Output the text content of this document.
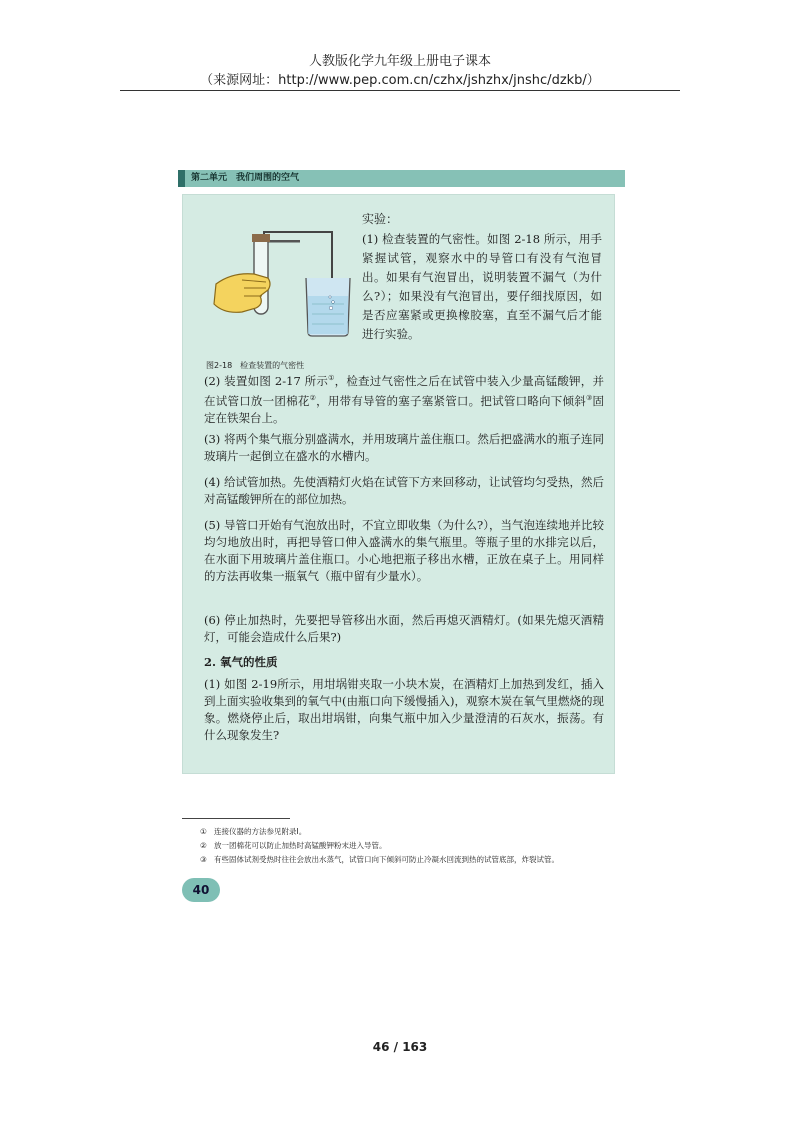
人教版化学九年级上册电子课本
（来源网址：http://www.pep.com.cn/czhx/jshzhx/jnshc/dzkb/）
第二单元　我们周围的空气
图2-18　检查装置的气密性
实验：

(1) 检查装置的气密性。如图 2-18 所示，用手紧握试管，观察水中的导管口有没有气泡冒出。如果有气泡冒出，说明装置不漏气（为什么?）；如果没有气泡冒出，要仔细找原因，如是否应塞紧或更换橡胶塞，直至不漏气后才能进行实验。

(2) 装置如图 2-17 所示①，检查过气密性之后在试管中装入少量高锰酸钾，并在试管口放一团棉花②，用带有导管的塞子塞紧管口。把试管口略向下倾斜③固定在铁架台上。

(3) 将两个集气瓶分别盛满水，并用玻璃片盖住瓶口。然后把盛满水的瓶子连同玻璃片一起倒立在盛水的水槽内。

(4) 给试管加热。先使酒精灯火焰在试管下方来回移动，让试管均匀受热，然后对高锰酸钾所在的部位加热。

(5) 导管口开始有气泡放出时，不宜立即收集（为什么?），当气泡连续地并比较均匀地放出时，再把导管口伸入盛满水的集气瓶里。等瓶子里的水排完以后，在水面下用玻璃片盖住瓶口。小心地把瓶子移出水槽，正放在桌子上。用同样的方法再收集一瓶氧气（瓶中留有少量水）。

(6) 停止加热时，先要把导管移出水面，然后再熄灭酒精灯。(如果先熄灭酒精灯，可能会造成什么后果?)

2. 氧气的性质

(1) 如图 2-19所示，用坩埚钳夹取一小块木炭，在酒精灯上加热到发红，插入到上面实验收集到的氧气中(由瓶口向下缓慢插入)，观察木炭在氧气里燃烧的现象。燃烧停止后，取出坩埚钳，向集气瓶中加入少量澄清的石灰水，振荡。有什么现象发生?

① 连接仪器的方法参见附录Ⅰ。
② 放一团棉花可以防止加热时高锰酸钾粉末进入导管。
③ 有些固体试剂受热时往往会放出水蒸气，试管口向下倾斜可防止冷凝水回流到热的试管底部，炸裂试管。
40
46 / 163
